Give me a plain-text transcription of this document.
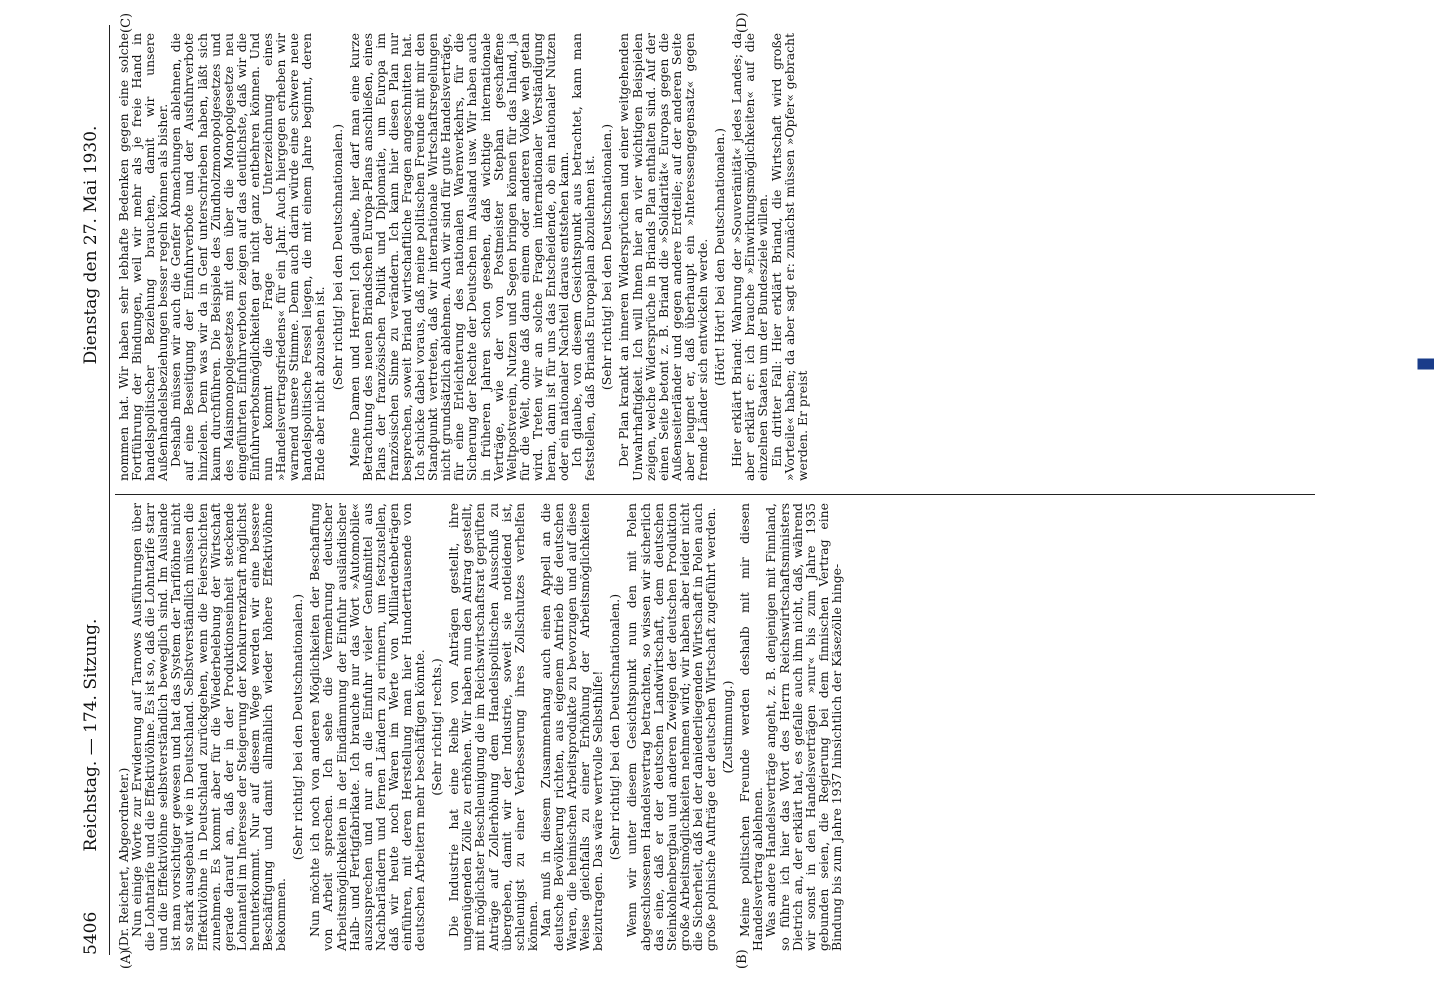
5406
Reichstag. — 174. Sitzung.
Dienstag den 27. Mai 1930.
(A)	(B)
(C)	(D)

(Dr. Reichert, Abgeordneter.)

Nun einige Worte zur Erwiderung auf Tarnows Ausführungen über die Lohntarife und die Effektivlöhne. Es ist so, daß die Lohntarife starr und die Effektivlöhne selbstverständlich beweglich sind. Im Auslande ist man vorsichtiger gewesen und hat das System der Tariflöhne nicht so stark ausgebaut wie in Deutschland. Selbstverständlich müssen die Effektivlöhne in Deutschland zurückgehen, wenn die Feierschichten zunehmen. Es kommt aber für die Wiederbelebung der Wirtschaft gerade darauf an, daß der in der Produktionseinheit steckende Lohnanteil im Interesse der Steigerung der Konkurrenzkraft möglichst herunterkommt. Nur auf diesem Wege werden wir eine bessere Beschäftigung und damit allmählich wieder höhere Effektivlöhne bekommen.

(Sehr richtig! bei den Deutschnationalen.) Nun möchte ich noch von anderen Möglichkeiten der Beschaffung von Arbeit sprechen. Ich sehe die Vermehrung deutscher Arbeitsmöglichkeiten in der Eindämmung der Einfuhr ausländischer Halb- und Fertigfabrikate. Ich brauche nur das Wort »Automobile« auszusprechen und nur an die Einfuhr vieler Genußmittel aus Nachbarländern und fernen Ländern zu erinnern, um festzustellen, daß wir heute noch Waren im Werte von Milliardenbeträgen einführen, mit deren Herstellung man hier Hunderttausende von deutschen Arbeitern mehr beschäftigen könnte. (Sehr richtig! rechts.) Die Industrie hat eine Reihe von Anträgen gestellt, ihre ungenügenden Zölle zu erhöhen. Wir haben nun den Antrag gestellt, mit möglichster Beschleunigung die im Reichswirtschaftsrat geprüften Anträge auf Zollerhöhung dem Handelspolitischen Ausschuß zu übergeben, damit wir der Industrie, soweit sie notleidend ist, schleunigst zu einer Verbesserung ihres Zollschutzes verhelfen können.

Man muß in diesem Zusammenhang auch einen Appell an die deutsche Bevölkerung richten, aus eigenem Antrieb die deutschen Waren, die heimischen Arbeitsprodukte zu bevorzugen und auf diese Weise gleichfalls zu einer Erhöhung der Arbeitsmöglichkeiten beizutragen. Das wäre wertvolle Selbsthilfe! (Sehr richtig! bei den Deutschnationalen.) Wenn wir unter diesem Gesichtspunkt nun den mit Polen abgeschlossenen Handelsvertrag betrachten, so wissen wir sicherlich das eine, daß er der deutschen Landwirtschaft, dem deutschen Steinkohlenbergbau und anderen Zweigen der deutschen Produktion große Arbeitsmöglichkeiten nehmen wird; wir haben aber leider nicht die Sicherheit, daß bei der daniederliegenden Wirtschaft in Polen auch große polnische Aufträge der deutschen Wirtschaft zugeführt werden. (Zustimmung.) Meine politischen Freunde werden deshalb mit mir diesen Handelsvertrag ablehnen.

Was andere Handelsverträge angeht, z. B. denjenigen mit Finnland, so führe ich hier das Wort des Herrn Reichswirtschaftsministers Dietrich an, der erklärt hat, es gefalle auch ihm nicht, daß, während wir sonst in den Handelsverträgen »nur« bis zum Jahre 1935 gebunden seien, die Regierung bei dem finnischen Vertrag eine Bindung bis zum Jahre 1937 hinsichtlich der Käsezölle hinge-

nommen hat. Wir haben sehr lebhafte Bedenken gegen eine solche Fortführung der Bindungen, weil wir mehr als je freie Hand in handelspolitischer Beziehung brauchen, damit wir unsere Außenhandelsbeziehungen besser regeln können als bisher.

Deshalb müssen wir auch die Genfer Abmachungen ablehnen, die auf eine Beseitigung der Einfuhrverbote und der Ausfuhrverbote hinzielen. Denn was wir da in Genf unterschrieben haben, läßt sich kaum durchführen. Die Beispiele des Zündholzmonopolgesetzes und des Maismonopolgesetzes mit den über die Monopolgesetze neu eingeführten Einfuhrverboten zeigen auf das deutlichste, daß wir die Einfuhrverbotsmöglichkeiten gar nicht ganz entbehren können. Und nun kommt die Frage der Unterzeichnung eines »Handelsvertragsfriedens« für ein Jahr. Auch hiergegen erheben wir warnend unsere Stimme. Denn auch darin würde eine schwere neue handelspolitische Fessel liegen, die mit einem Jahre beginnt, deren Ende aber nicht abzusehen ist. (Sehr richtig! bei den Deutschnationalen.) Meine Damen und Herren! Ich glaube, hier darf man eine kurze Betrachtung des neuen Briandschen Europa-Plans anschließen, eines Plans der französischen Politik und Diplomatie, um Europa im französischen Sinne zu verändern. Ich kann hier diesen Plan nur besprechen, soweit Briand wirtschaftliche Fragen angeschnitten hat. Ich schicke dabei voraus, daß meine politischen Freunde mit mir den Standpunkt vertreten, daß wir internationale Wirtschaftsregelungen nicht grundsätzlich ablehnen. Auch wir sind für gute Handelsverträge, für eine Erleichterung des nationalen Warenverkehrs, für die Sicherung der Rechte der Deutschen im Ausland usw. Wir haben auch in früheren Jahren schon gesehen, daß wichtige internationale Verträge, wie der von Postmeister Stephan geschaffene Weltpostverein, Nutzen und Segen bringen können für das Inland, ja für die Welt, ohne daß dann einem oder anderen Volke weh getan wird. Treten wir an solche Fragen internationaler Verständigung heran, dann ist für uns das Entscheidende, ob ein nationaler Nutzen oder ein nationaler Nachteil daraus entstehen kann.

Ich glaube, von diesem Gesichtspunkt aus betrachtet, kann man feststellen, daß Briands Europaplan abzulehnen ist. (Sehr richtig! bei den Deutschnationalen.) Der Plan krankt an inneren Widersprüchen und einer weitgehenden Unwahrhaftigkeit. Ich will Ihnen hier an vier wichtigen Beispielen zeigen, welche Widersprüche in Briands Plan enthalten sind. Auf der einen Seite betont z. B. Briand die »Solidarität« Europas gegen die Außenseiterländer und gegen andere Erdteile; auf der anderen Seite aber leugnet er, daß überhaupt ein »Interessengegensatz« gegen fremde Länder sich entwickeln werde. (Hört! Hört! bei den Deutschnationalen.) Hier erklärt Briand: Wahrung der »Souveränität« jedes Landes; da aber erklärt er: ich brauche »Einwirkungsmöglichkeiten« auf die einzelnen Staaten um der Bundesziele willen.

Ein dritter Fall: Hier erklärt Briand, die Wirtschaft wird große »Vorteile« haben; da aber sagt er: zunächst müssen »Opfer« gebracht werden. Er preist
